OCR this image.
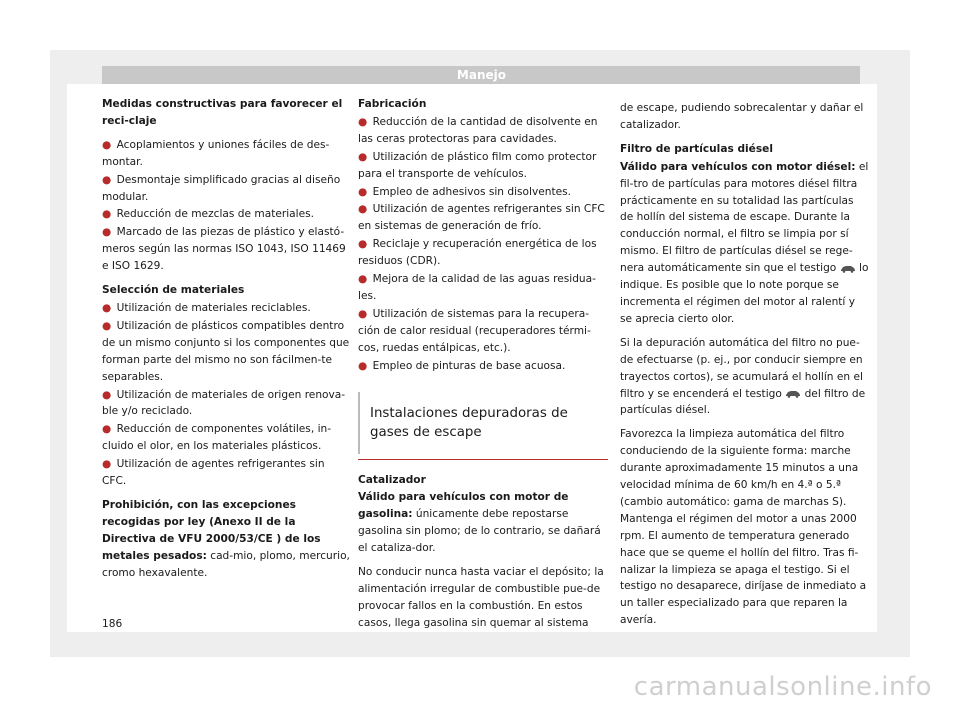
Manejo

Medidas constructivas para favorecer el reci-claje

● Acoplamientos y uniones fáciles de des-montar.

● Desmontaje simplificado gracias al diseño modular.

● Reducción de mezclas de materiales.

● Marcado de las piezas de plástico y elastó-meros según las normas ISO 1043, ISO 11469 e ISO 1629.

Selección de materiales

● Utilización de materiales reciclables.

● Utilización de plásticos compatibles dentro de un mismo conjunto si los componentes que forman parte del mismo no son fácilmen-te separables.

● Utilización de materiales de origen renova-ble y/o reciclado.

● Reducción de componentes volátiles, in-cluido el olor, en los materiales plásticos.

● Utilización de agentes refrigerantes sin CFC.

Prohibición, con las excepciones recogidas por ley (Anexo II de la Directiva de VFU 2000/53/CE ) de los metales pesados: cad-mio, plomo, mercurio, cromo hexavalente.

Fabricación

● Reducción de la cantidad de disolvente en las ceras protectoras para cavidades.

● Utilización de plástico film como protector para el transporte de vehículos.

● Empleo de adhesivos sin disolventes.

● Utilización de agentes refrigerantes sin CFC en sistemas de generación de frío.

● Reciclaje y recuperación energética de los residuos (CDR).

● Mejora de la calidad de las aguas residua-les.

● Utilización de sistemas para la recupera-ción de calor residual (recuperadores térmi-cos, ruedas entálpicas, etc.).

● Empleo de pinturas de base acuosa.

Instalaciones depuradoras de gases de escape

Catalizador

Válido para vehículos con motor de gasolina: únicamente debe repostarse gasolina sin plomo; de lo contrario, se dañará el cataliza-dor.

No conducir nunca hasta vaciar el depósito; la alimentación irregular de combustible pue-de provocar fallos en la combustión. En estos casos, llega gasolina sin quemar al sistema

de escape, pudiendo sobrecalentar y dañar el catalizador.

Filtro de partículas diésel

Válido para vehículos con motor diésel: el fil-tro de partículas para motores diésel filtra prácticamente en su totalidad las partículas de hollín del sistema de escape. Durante la conducción normal, el filtro se limpia por sí mismo. El filtro de partículas diésel se rege-nera automáticamente sin que el testigo  lo indique. Es posible que lo note porque se incrementa el régimen del motor al ralentí y se aprecia cierto olor.

Si la depuración automática del filtro no pue-de efectuarse (p. ej., por conducir siempre en trayectos cortos), se acumulará el hollín en el filtro y se encenderá el testigo  del filtro de partículas diésel.

Favorezca la limpieza automática del filtro conduciendo de la siguiente forma: marche durante aproximadamente 15 minutos a una velocidad mínima de 60 km/h en 4.ª o 5.ª (cambio automático: gama de marchas S). Mantenga el régimen del motor a unas 2000 rpm. El aumento de temperatura generado hace que se queme el hollín del filtro. Tras fi-nalizar la limpieza se apaga el testigo. Si el testigo no desaparece, diríjase de inmediato a un taller especializado para que reparen la avería.

186
carmanualsonline.info
